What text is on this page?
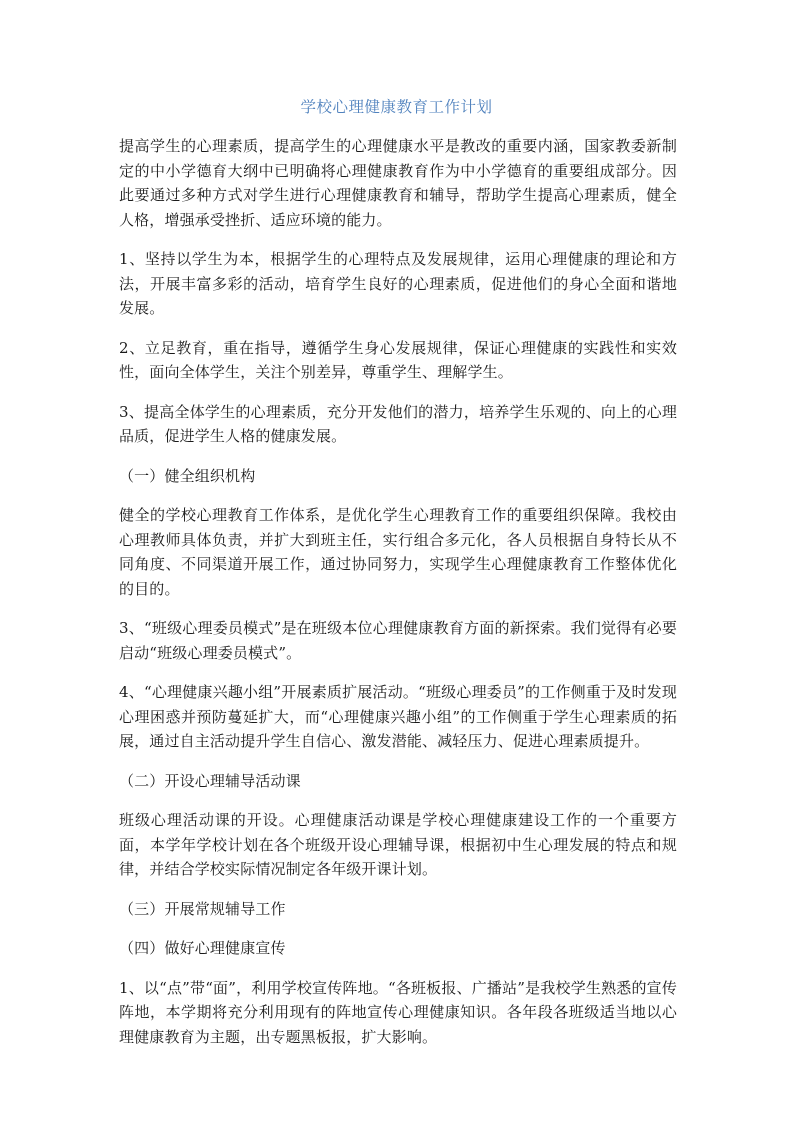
学校心理健康教育工作计划

提高学生的心理素质，提高学生的心理健康水平是教改的重要内涵，国家教委新制定的中小学德育大纲中已明确将心理健康教育作为中小学德育的重要组成部分。因此要通过多种方式对学生进行心理健康教育和辅导，帮助学生提高心理素质，健全人格，增强承受挫折、适应环境的能力。

1、坚持以学生为本，根据学生的心理特点及发展规律，运用心理健康的理论和方法，开展丰富多彩的活动，培育学生良好的心理素质，促进他们的身心全面和谐地发展。

2、立足教育，重在指导，遵循学生身心发展规律，保证心理健康的实践性和实效性，面向全体学生，关注个别差异，尊重学生、理解学生。

3、提高全体学生的心理素质，充分开发他们的潜力，培养学生乐观的、向上的心理品质，促进学生人格的健康发展。

（一）健全组织机构

健全的学校心理教育工作体系，是优化学生心理教育工作的重要组织保障。我校由心理教师具体负责，并扩大到班主任，实行组合多元化，各人员根据自身特长从不同角度、不同渠道开展工作，通过协同努力，实现学生心理健康教育工作整体优化的目的。

3、“班级心理委员模式”是在班级本位心理健康教育方面的新探索。我们觉得有必要启动“班级心理委员模式”。

4、“心理健康兴趣小组”开展素质扩展活动。“班级心理委员”的工作侧重于及时发现心理困惑并预防蔓延扩大，而“心理健康兴趣小组”的工作侧重于学生心理素质的拓展，通过自主活动提升学生自信心、激发潜能、减轻压力、促进心理素质提升。

（二）开设心理辅导活动课

班级心理活动课的开设。心理健康活动课是学校心理健康建设工作的一个重要方面，本学年学校计划在各个班级开设心理辅导课，根据初中生心理发展的特点和规律，并结合学校实际情况制定各年级开课计划。

（三）开展常规辅导工作

（四）做好心理健康宣传

1、以“点”带“面”，利用学校宣传阵地。“各班板报、广播站”是我校学生熟悉的宣传阵地，本学期将充分利用现有的阵地宣传心理健康知识。各年段各班级适当地以心理健康教育为主题，出专题黑板报，扩大影响。
